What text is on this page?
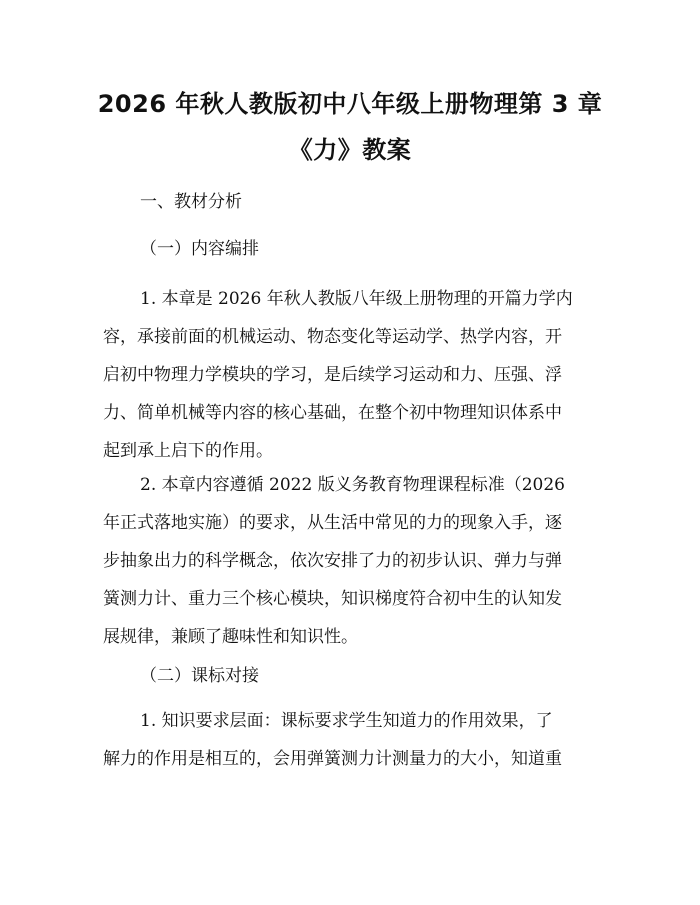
2026 年秋人教版初中八年级上册物理第 3 章
《力》教案
一、教材分析
（一）内容编排
1. 本章是 2026 年秋人教版八年级上册物理的开篇力学内
容，承接前面的机械运动、物态变化等运动学、热学内容，开
启初中物理力学模块的学习，是后续学习运动和力、压强、浮
力、简单机械等内容的核心基础，在整个初中物理知识体系中
起到承上启下的作用。
2. 本章内容遵循 2022 版义务教育物理课程标准（2026
年正式落地实施）的要求，从生活中常见的力的现象入手，逐
步抽象出力的科学概念，依次安排了力的初步认识、弹力与弹
簧测力计、重力三个核心模块，知识梯度符合初中生的认知发
展规律，兼顾了趣味性和知识性。
（二）课标对接
1. 知识要求层面：课标要求学生知道力的作用效果，了
解力的作用是相互的，会用弹簧测力计测量力的大小，知道重
